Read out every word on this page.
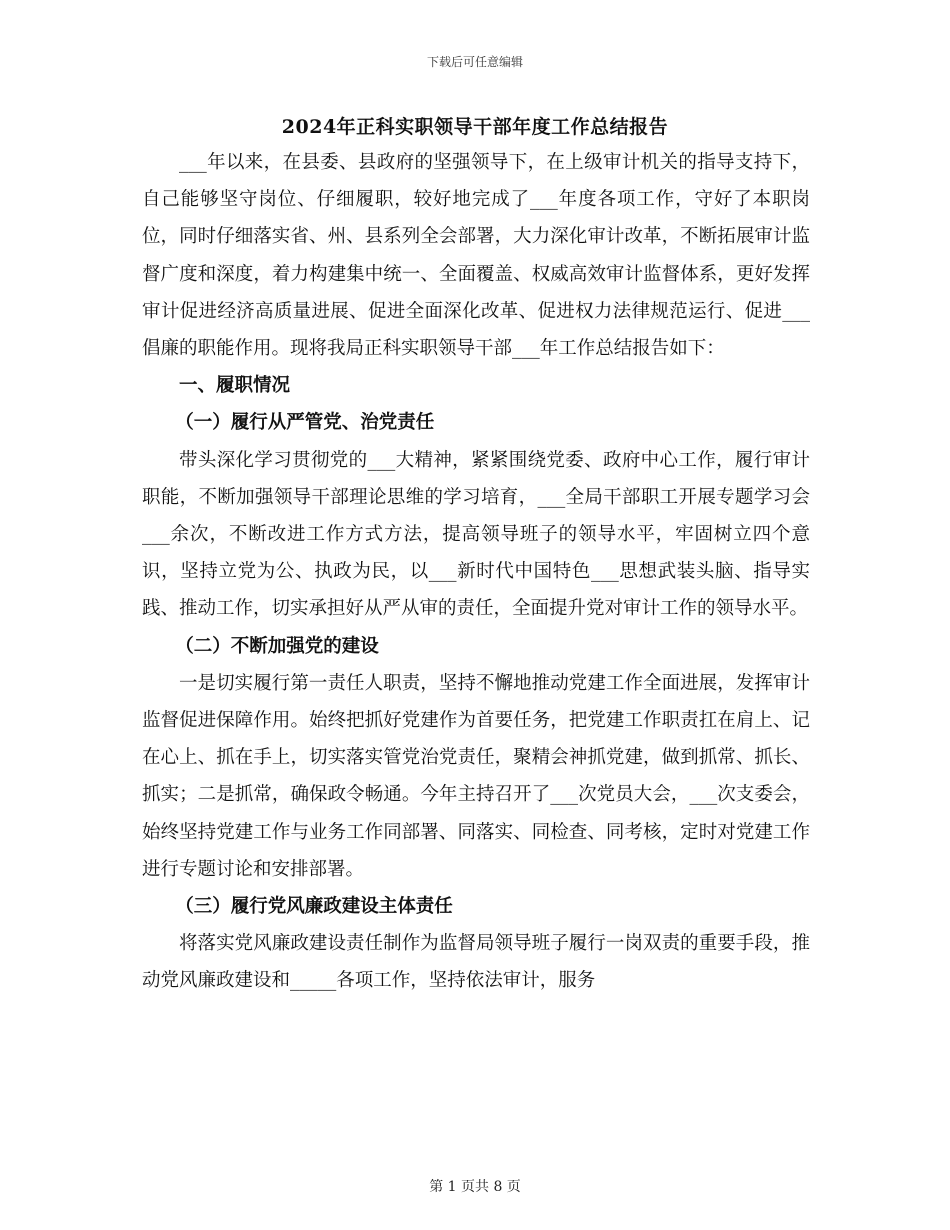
下载后可任意编辑
2024年正科实职领导干部年度工作总结报告

___年以来，在县委、县政府的坚强领导下，在上级审计机关的指导支持下，自己能够坚守岗位、仔细履职，较好地完成了___年度各项工作，守好了本职岗位，同时仔细落实省、州、县系列全会部署，大力深化审计改革，不断拓展审计监督广度和深度，着力构建集中统一、全面覆盖、权威高效审计监督体系，更好发挥审计促进经济高质量进展、促进全面深化改革、促进权力法律规范运行、促进___倡廉的职能作用。现将我局正科实职领导干部___年工作总结报告如下：

一、履职情况

（一）履行从严管党、治党责任

带头深化学习贯彻党的___大精神，紧紧围绕党委、政府中心工作，履行审计职能，不断加强领导干部理论思维的学习培育，___全局干部职工开展专题学习会___余次，不断改进工作方式方法，提高领导班子的领导水平，牢固树立四个意识，坚持立党为公、执政为民，以___新时代中国特色___思想武装头脑、指导实践、推动工作，切实承担好从严从审的责任，全面提升党对审计工作的领导水平。

（二）不断加强党的建设

一是切实履行第一责任人职责，坚持不懈地推动党建工作全面进展，发挥审计监督促进保障作用。始终把抓好党建作为首要任务，把党建工作职责扛在肩上、记在心上、抓在手上，切实落实管党治党责任，聚精会神抓党建，做到抓常、抓长、抓实；二是抓常，确保政令畅通。今年主持召开了___次党员大会，___次支委会，始终坚持党建工作与业务工作同部署、同落实、同检查、同考核，定时对党建工作进行专题讨论和安排部署。

（三）履行党风廉政建设主体责任

将落实党风廉政建设责任制作为监督局领导班子履行一岗双责的重要手段，推动党风廉政建设和_____各项工作，坚持依法审计，服务

第 1 页共 8 页
